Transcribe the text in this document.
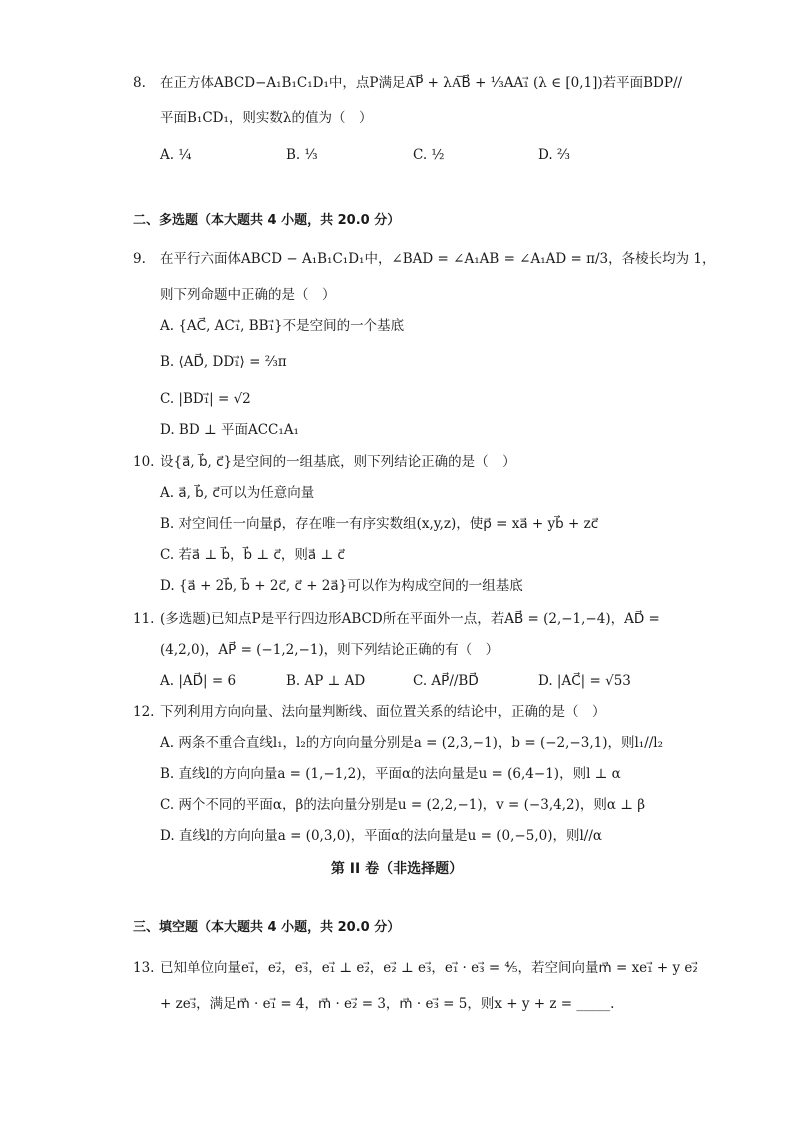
8. 在正方体ABCD−A₁B₁C₁D₁中，点P满足A͞P⃗ + λA͞B⃗ + ⅓AA₁⃗ (λ ∈ [0,1])若平面BDP//
平面B₁CD₁，则实数λ的值为（　）
A. ¼	B. ⅓	C. ½	D. ⅔
二、多选题（本大题共 4 小题，共 20.0 分）
9. 在平行六面体ABCD − A₁B₁C₁D₁中，∠BAD = ∠A₁AB = ∠A₁AD = π/3，各棱长均为 1，
则下列命题中正确的是（　）
A. {AC⃗, AC₁⃗, BB₁⃗}不是空间的一个基底
B. ⟨AD⃗, DD₁⃗⟩ = ⅔π
C. |BD₁⃗| = √2
D. BD ⊥ 平面ACC₁A₁
10. 设{a⃗, b⃗, c⃗}是空间的一组基底，则下列结论正确的是（　）
A. a⃗, b⃗, c⃗可以为任意向量
B. 对空间任一向量p⃗，存在唯一有序实数组(x,y,z)，使p⃗ = xa⃗ + yb⃗ + zc⃗
C. 若a⃗ ⊥ b⃗，b⃗ ⊥ c⃗，则a⃗ ⊥ c⃗
D. {a⃗ + 2b⃗, b⃗ + 2c⃗, c⃗ + 2a⃗}可以作为构成空间的一组基底
11. (多选题)已知点P是平行四边形ABCD所在平面外一点，若AB⃗ = (2,−1,−4)，AD⃗ =
(4,2,0)，AP⃗ = (−1,2,−1)，则下列结论正确的有（　）
A. |AD⃗| = 6	B. AP ⊥ AD	C. AP⃗//BD⃗	D. |AC⃗| = √53
12. 下列利用方向向量、法向量判断线、面位置关系的结论中，正确的是（　）
A. 两条不重合直线l₁，l₂的方向向量分别是a = (2,3,−1)，b = (−2,−3,1)，则l₁//l₂
B. 直线l的方向向量a = (1,−1,2)，平面α的法向量是u = (6,4−1)，则l ⊥ α
C. 两个不同的平面α，β的法向量分别是u = (2,2,−1)，v = (−3,4,2)，则α ⊥ β
D. 直线l的方向向量a = (0,3,0)，平面α的法向量是u = (0,−5,0)，则l//α
第 II 卷（非选择题）
三、填空题（本大题共 4 小题，共 20.0 分）
13. 已知单位向量e₁⃗，e₂⃗，e₃⃗，e₁⃗ ⊥ e₂⃗，e₂⃗ ⊥ e₃⃗，e₁⃗ · e₃⃗ = ⅘，若空间向量m⃗ = xe₁⃗ + y e₂⃗
+ ze₃⃗，满足m⃗ · e₁⃗ = 4，m⃗ · e₂⃗ = 3，m⃗ · e₃⃗ = 5，则x + y + z = _____.
